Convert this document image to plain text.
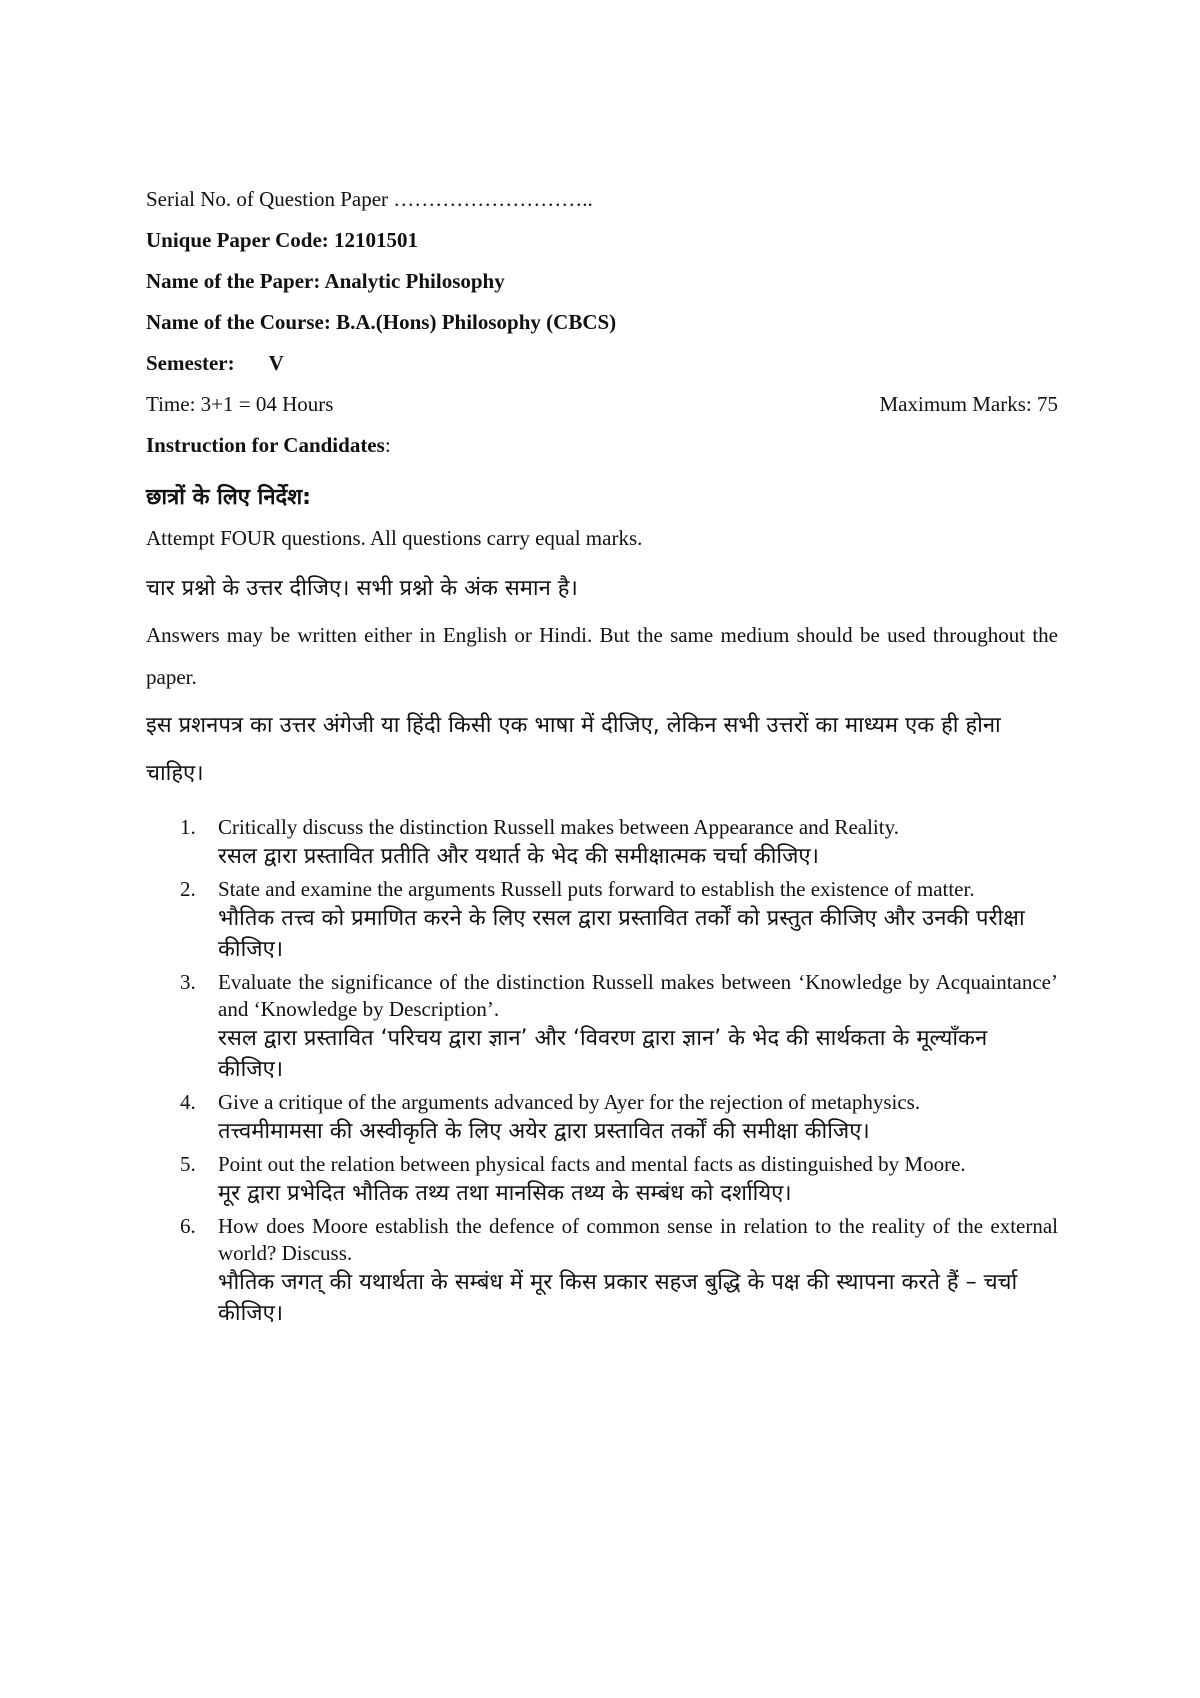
Serial No. of Question Paper ………………………..

Unique Paper Code: 12101501

Name of the Paper: Analytic Philosophy

Name of the Course: B.A.(Hons) Philosophy (CBCS)

Semester: V

Time: 3+1 = 04 Hours	Maximum Marks: 75

Instruction for Candidates:

छात्रों के लिए निर्देश:

Attempt FOUR questions. All questions carry equal marks.

चार प्रश्नो के उत्तर दीजिए। सभी प्रश्नो के अंक समान है।

Answers may be written either in English or Hindi. But the same medium should be used throughout the paper.

इस प्रशनपत्र का उत्तर अंगेजी या हिंदी किसी एक भाषा में दीजिए, लेकिन सभी उत्तरों का माध्यम एक ही होना चाहिए।

1. Critically discuss the distinction Russell makes between Appearance and Reality.
रसल द्वारा प्रस्तावित प्रतीति और यथार्त के भेद की समीक्षात्मक चर्चा कीजिए।
2. State and examine the arguments Russell puts forward to establish the existence of matter.
भौतिक तत्त्व को प्रमाणित करने के लिए रसल द्वारा प्रस्तावित तर्कों को प्रस्तुत कीजिए और उनकी परीक्षा कीजिए।
3. Evaluate the significance of the distinction Russell makes between ‘Knowledge by Acquaintance’ and ‘Knowledge by Description’.
रसल द्वारा प्रस्तावित ‘परिचय द्वारा ज्ञान’ और ‘विवरण द्वारा ज्ञान’ के भेद की सार्थकता के मूल्याँकन कीजिए।
4. Give a critique of the arguments advanced by Ayer for the rejection of metaphysics.
तत्त्वमीमामसा की अस्वीकृति के लिए अयेर द्वारा प्रस्तावित तर्कों की समीक्षा कीजिए।
5. Point out the relation between physical facts and mental facts as distinguished by Moore.
मूर द्वारा प्रभेदित भौतिक तथ्य तथा मानसिक तथ्य के सम्बंध को दर्शायिए।
6. How does Moore establish the defence of common sense in relation to the reality of the external world? Discuss.
भौतिक जगत् की यथार्थता के सम्बंध में मूर किस प्रकार सहज बुद्धि के पक्ष की स्थापना करते हैं – चर्चा कीजिए।
